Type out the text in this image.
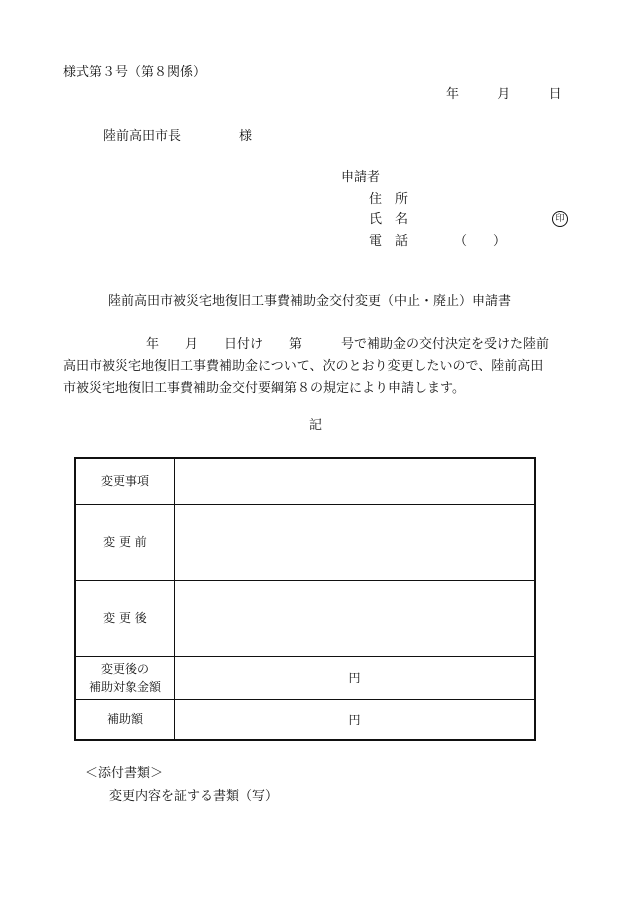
様式第３号（第８関係）
年	月	日
陸前高田市長	様
申請者
住　所
氏　名	印
電　話	（　　）
陸前高田市被災宅地復旧工事費補助金交付変更（中止・廃止）申請書
年　　月　　日付け　　第　　　号で補助金の交付決定を受けた陸前
高田市被災宅地復旧工事費補助金について、次のとおり変更したいので、陸前高田
市被災宅地復旧工事費補助金交付要綱第８の規定により申請します。
記
変更事項	
変 更 前	
変 更 後	

変更後の
補助対象金額	円
補助額	円
＜添付書類＞
変更内容を証する書類（写）
